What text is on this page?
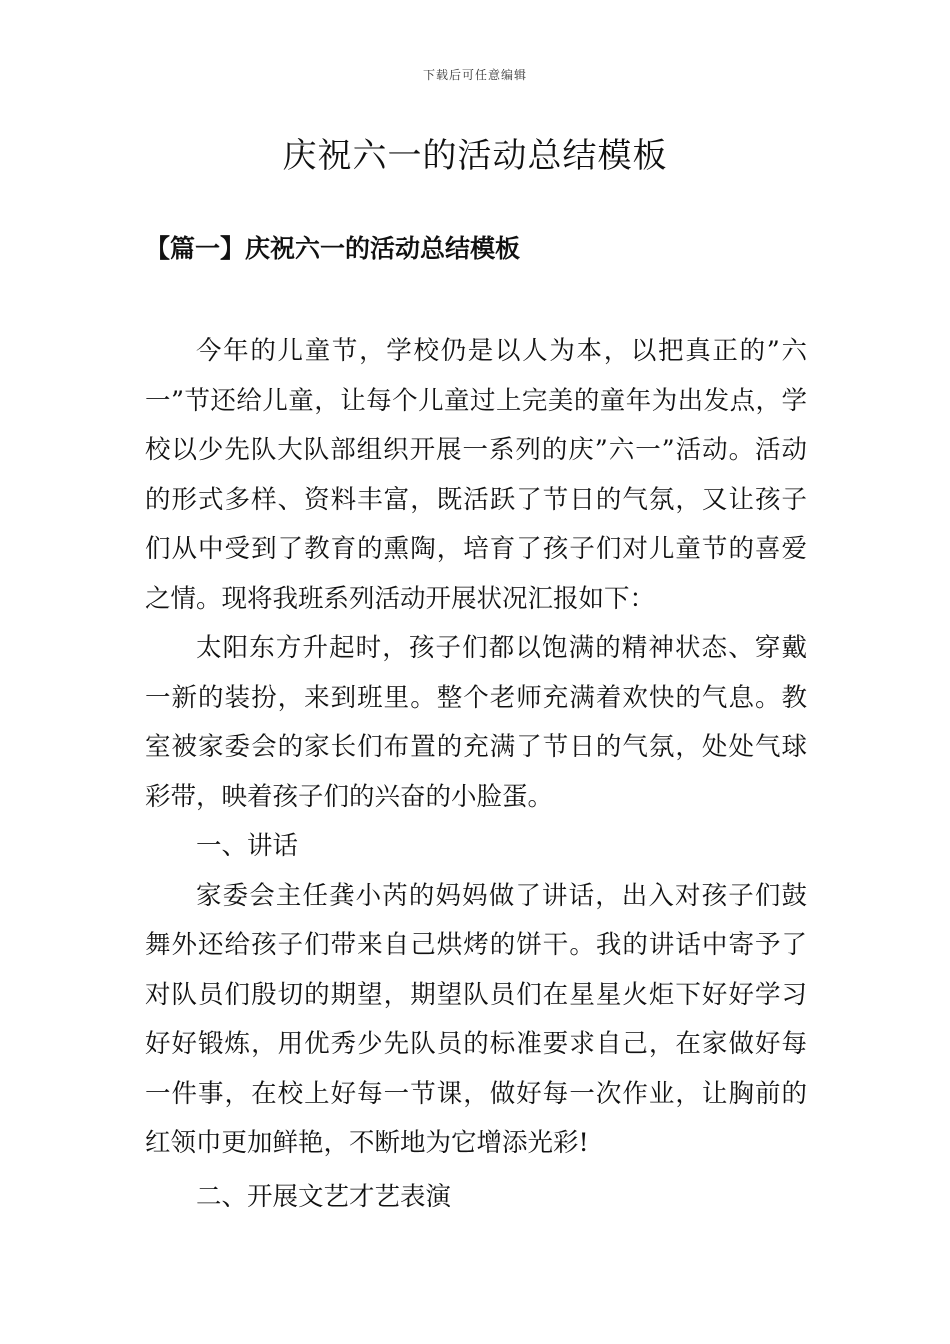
下载后可任意编辑
庆祝六一的活动总结模板
【篇一】庆祝六一的活动总结模板

今年的儿童节，学校仍是以人为本，以把真正的”六一”节还给儿童，让每个儿童过上完美的童年为出发点，学校以少先队大队部组织开展一系列的庆”六一”活动。活动的形式多样、资料丰富，既活跃了节日的气氛，又让孩子们从中受到了教育的熏陶，培育了孩子们对儿童节的喜爱之情。现将我班系列活动开展状况汇报如下：

太阳东方升起时，孩子们都以饱满的精神状态、穿戴一新的装扮，来到班里。整个老师充满着欢快的气息。教室被家委会的家长们布置的充满了节日的气氛，处处气球彩带，映着孩子们的兴奋的小脸蛋。

一、讲话

家委会主任龚小芮的妈妈做了讲话，出入对孩子们鼓舞外还给孩子们带来自己烘烤的饼干。我的讲话中寄予了对队员们殷切的期望，期望队员们在星星火炬下好好学习好好锻炼，用优秀少先队员的标准要求自己，在家做好每一件事，在校上好每一节课，做好每一次作业，让胸前的红领巾更加鲜艳，不断地为它增添光彩!

二、开展文艺才艺表演
